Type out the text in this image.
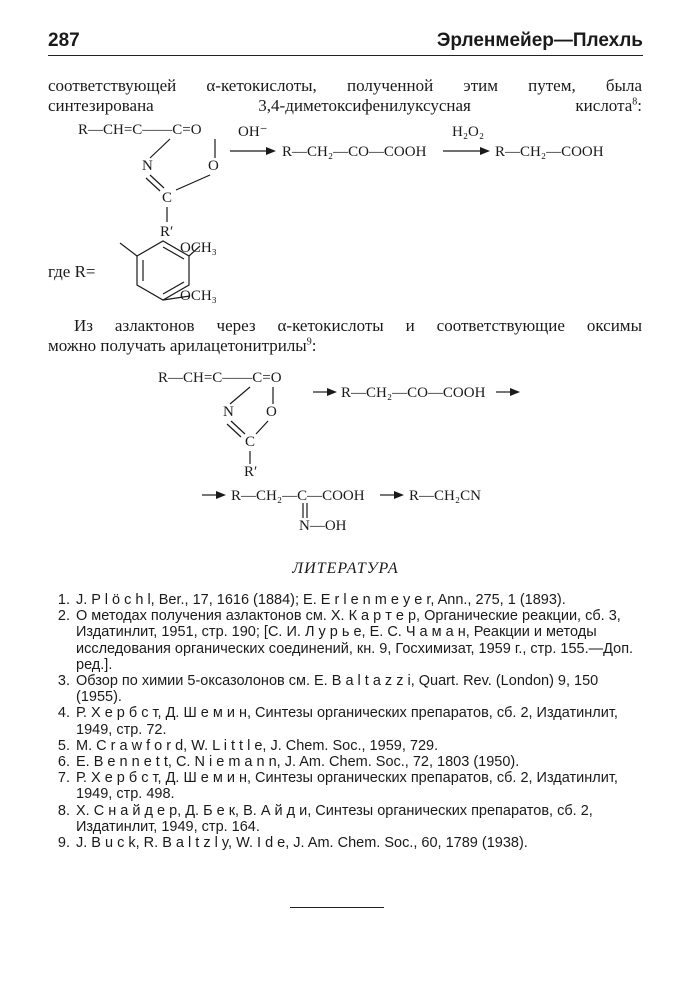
287	Эрленмейер—Плехль
соответствующей α-кетокислоты, полученной этим путем, была
синтезирована 3,4-диметоксифенилуксусная кислота$^8$:
R—CH=C——C=O
N	O
C
R′
OH⁻
R—CH₂—CO—COOH
H₂O₂
R—CH₂—COOH
где R=
OCH₃
OCH₃
Из азлактонов через α-кетокислоты и соответствующие оксимы
можно получать арилацетонитрилы$^9$:
R—CH=C——C=O
N O
C
R′
R—CH₂—CO—COOH
R—CH₂—C—COOH
N—OH
R—CH₂CN
ЛИТЕРАТУРА
1. J. P l ö c h l, Ber., 17, 1616 (1884); E. E r l e n m e y e r, Ann., 275, 1 (1893).
2. О методах получения азлактонов см. Х. К а р т е р, Органические реакции, сб. 3, Издатинлит, 1951, стр. 190; [С. И. Л у р ь е, Е. С. Ч а м а н, Реакции и методы исследования органических соединений, кн. 9, Госхимизат, 1959 г., стр. 155.—Доп. ред.].
3. Обзор по химии 5-оксазолонов см. E. B a l t a z z i, Quart. Rev. (London) 9, 150 (1955).
4. Р. Х е р б с т, Д. Ш е м и н, Синтезы органических препаратов, сб. 2, Издатинлит, 1949, стр. 72.
5. M. C r a w f o r d, W. L i t t l e, J. Chem. Soc., 1959, 729.
6. E. B e n n e t t, C. N i e m a n n, J. Am. Chem. Soc., 72, 1803 (1950).
7. Р. Х е р б с т, Д. Ш е м и н, Синтезы органических препаратов, сб. 2, Издатинлит, 1949, стр. 498.
8. Х. С н а й д е р, Д. Б е к, В. А й д и, Синтезы органических препаратов, сб. 2, Издатинлит, 1949, стр. 164.
9. J. B u c k, R. B a l t z l y, W. I d e, J. Am. Chem. Soc., 60, 1789 (1938).
